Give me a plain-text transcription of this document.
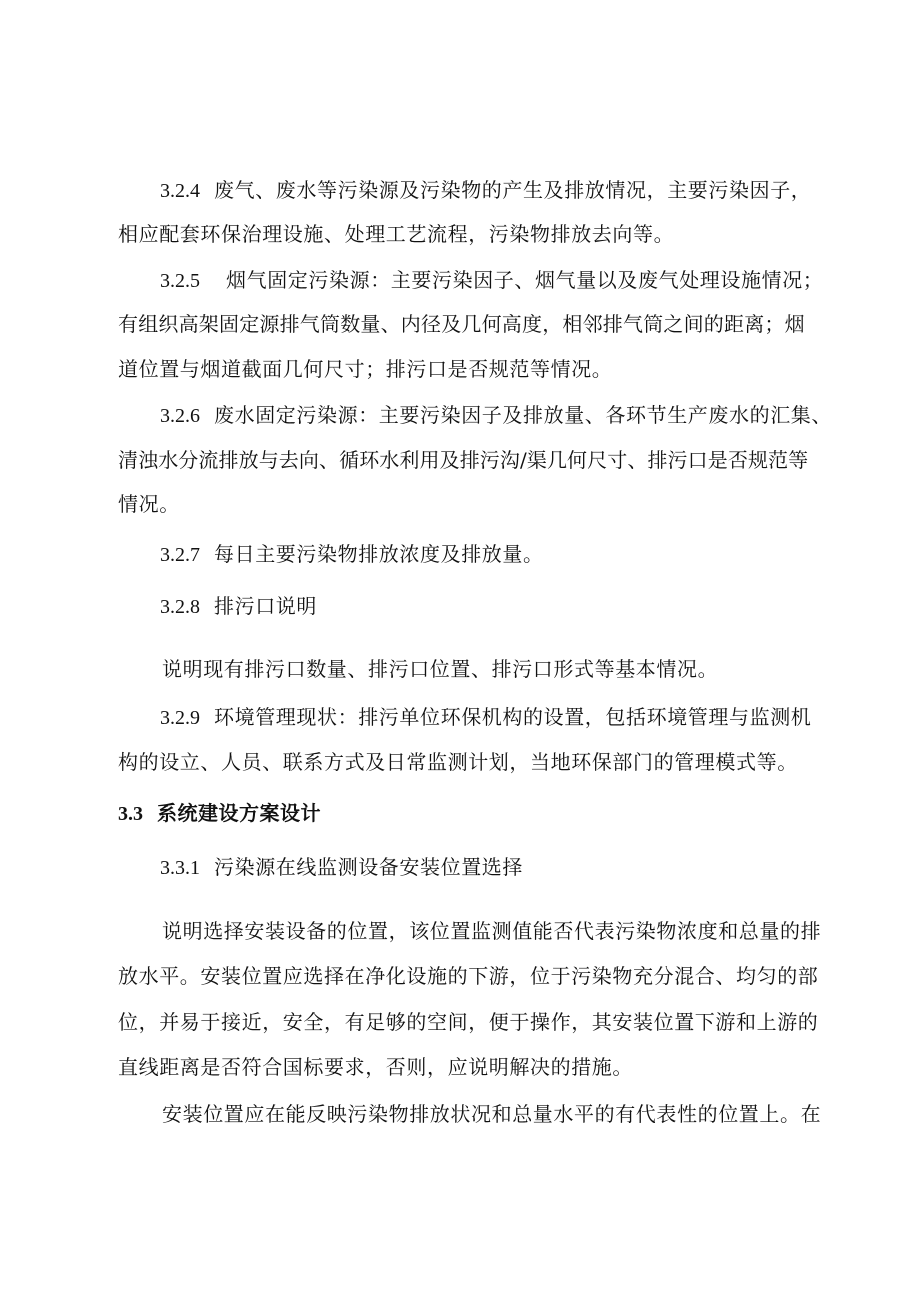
3.2.4 废气、废水等污染源及污染物的产生及排放情况，主要污染因子，
相应配套环保治理设施、处理工艺流程，污染物排放去向等。
3.2.5 烟气固定污染源：主要污染因子、烟气量以及废气处理设施情况；
有组织高架固定源排气筒数量、内径及几何高度，相邻排气筒之间的距离；烟
道位置与烟道截面几何尺寸；排污口是否规范等情况。
3.2.6 废水固定污染源：主要污染因子及排放量、各环节生产废水的汇集、
清浊水分流排放与去向、循环水利用及排污沟/渠几何尺寸、排污口是否规范等
情况。
3.2.7 每日主要污染物排放浓度及排放量。
3.2.8 排污口说明
说明现有排污口数量、排污口位置、排污口形式等基本情况。
3.2.9 环境管理现状：排污单位环保机构的设置，包括环境管理与监测机
构的设立、人员、联系方式及日常监测计划，当地环保部门的管理模式等。
3.3 系统建设方案设计
3.3.1 污染源在线监测设备安装位置选择
说明选择安装设备的位置，该位置监测值能否代表污染物浓度和总量的排
放水平。安装位置应选择在净化设施的下游，位于污染物充分混合、均匀的部
位，并易于接近，安全，有足够的空间，便于操作，其安装位置下游和上游的
直线距离是否符合国标要求，否则，应说明解决的措施。
安装位置应在能反映污染物排放状况和总量水平的有代表性的位置上。在
